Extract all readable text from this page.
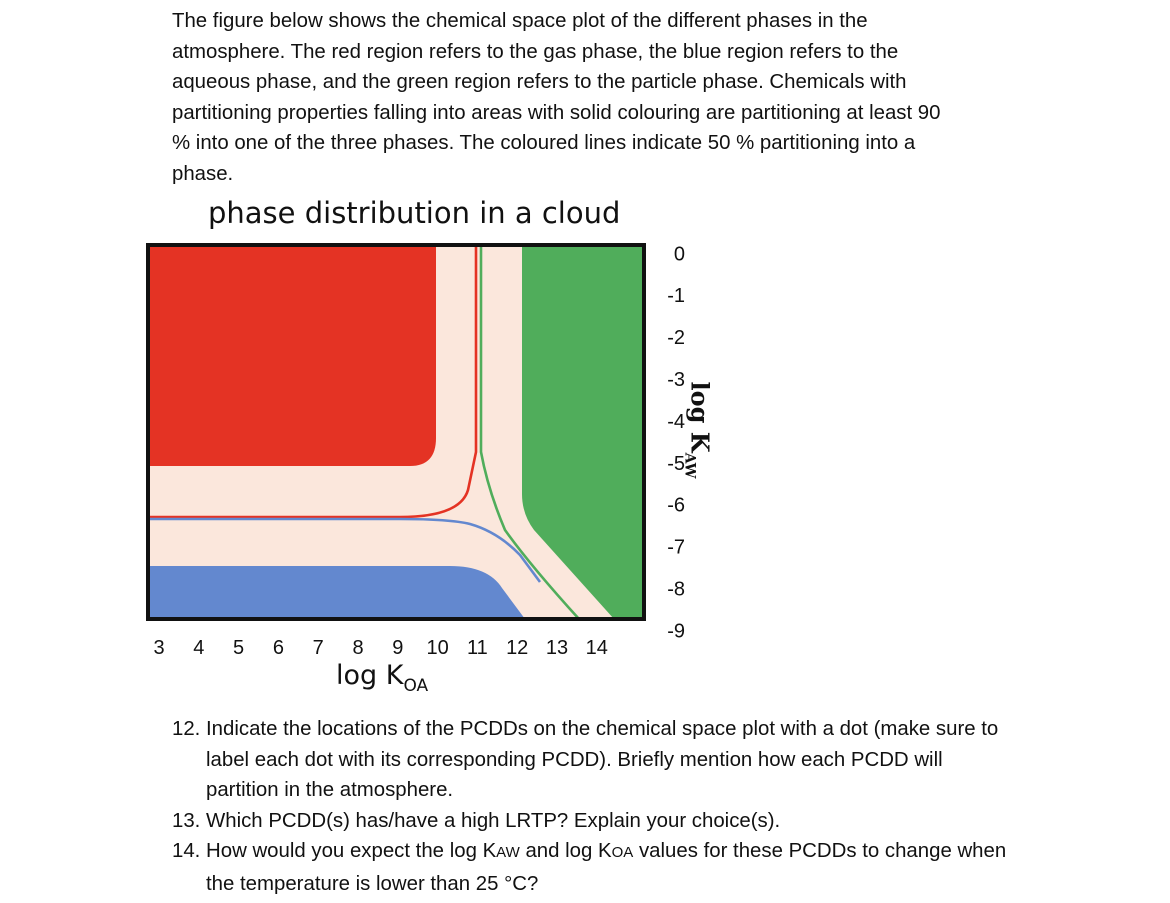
The figure below shows the chemical space plot of the different phases in the
atmosphere. The red region refers to the gas phase, the blue region refers to the
aqueous phase, and the green region refers to the particle phase. Chemicals with
partitioning properties falling into areas with solid colouring are partitioning at least 90
% into one of the three phases. The coloured lines indicate 50 % partitioning into a
phase.
phase distribution in a cloud
3 4 5 6 7 8 9 10 11 12 13 14
0
-1
-2
-3
-4
-5
-6
-7
-8
-9
$\log K_{OA}$
$\log K_{AW}$
12. Indicate the locations of the PCDDs on the chemical space plot with a dot (make sure to
label each dot with its corresponding PCDD). Briefly mention how each PCDD will
partition in the atmosphere.
13. Which PCDD(s) has/have a high LRTP? Explain your choice(s).
14. How would you expect the log KAW and log KOA values for these PCDDs to change when
the temperature is lower than 25 °C?
